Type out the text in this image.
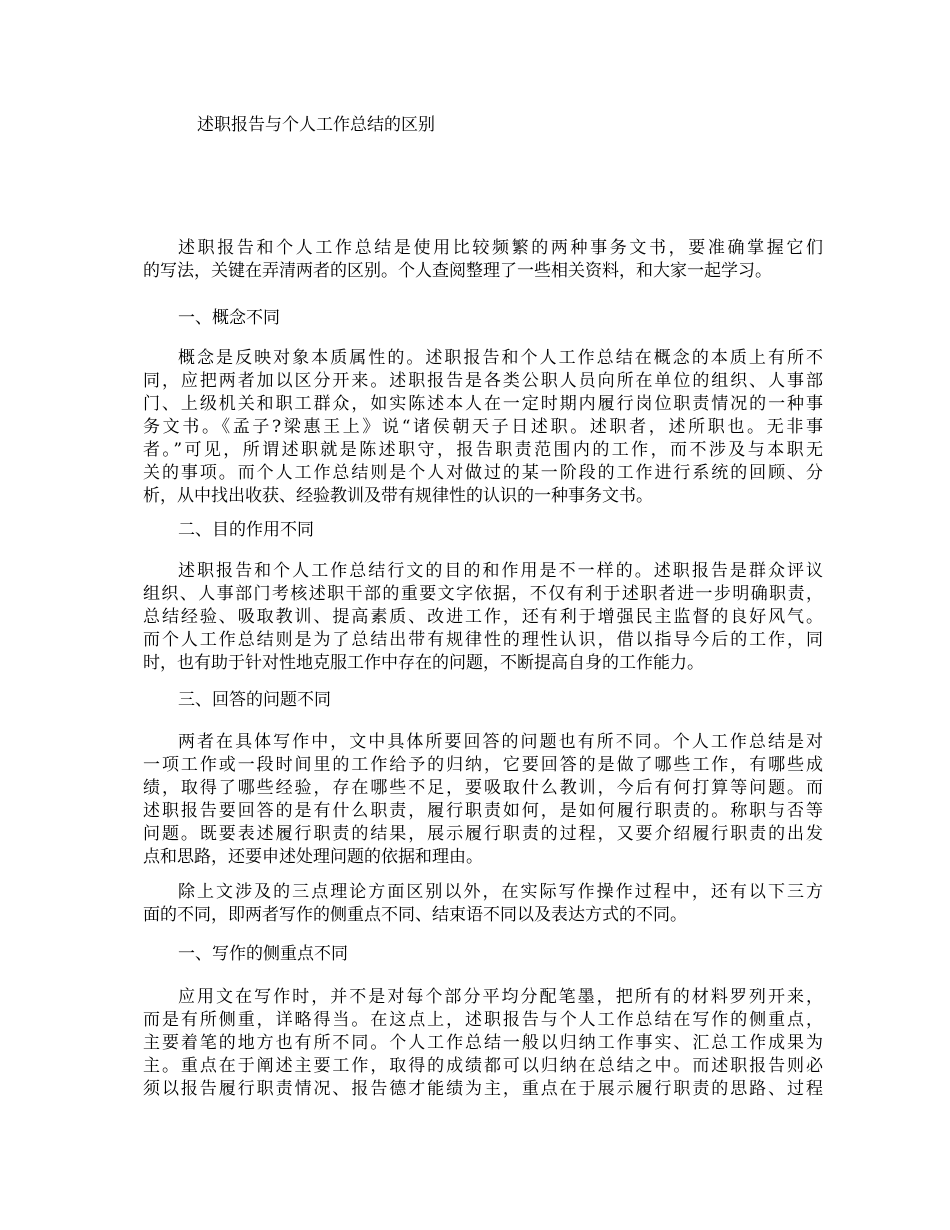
述职报告与个人工作总结的区别
述职报告和个人工作总结是使用比较频繁的两种事务文书，要准确掌握它们
的写法，关键在弄清两者的区别。个人查阅整理了一些相关资料，和大家一起学习。
一、概念不同
概念是反映对象本质属性的。述职报告和个人工作总结在概念的本质上有所不
同，应把两者加以区分开来。述职报告是各类公职人员向所在单位的组织、人事部
门、上级机关和职工群众，如实陈述本人在一定时期内履行岗位职责情况的一种事
务文书。《孟子?梁惠王上》说“诸侯朝天子日述职。述职者，述所职也。无非事
者。”可见，所谓述职就是陈述职守，报告职责范围内的工作，而不涉及与本职无
关的事项。而个人工作总结则是个人对做过的某一阶段的工作进行系统的回顾、分
析，从中找出收获、经验教训及带有规律性的认识的一种事务文书。
二、目的作用不同
述职报告和个人工作总结行文的目的和作用是不一样的。述职报告是群众评议
组织、人事部门考核述职干部的重要文字依据，不仅有利于述职者进一步明确职责，
总结经验、吸取教训、提高素质、改进工作，还有利于增强民主监督的良好风气。
而个人工作总结则是为了总结出带有规律性的理性认识，借以指导今后的工作，同
时，也有助于针对性地克服工作中存在的问题，不断提高自身的工作能力。
三、回答的问题不同
两者在具体写作中，文中具体所要回答的问题也有所不同。个人工作总结是对
一项工作或一段时间里的工作给予的归纳，它要回答的是做了哪些工作，有哪些成
绩，取得了哪些经验，存在哪些不足，要吸取什么教训，今后有何打算等问题。而
述职报告要回答的是有什么职责，履行职责如何，是如何履行职责的。称职与否等
问题。既要表述履行职责的结果，展示履行职责的过程，又要介绍履行职责的出发
点和思路，还要申述处理问题的依据和理由。
除上文涉及的三点理论方面区别以外，在实际写作操作过程中，还有以下三方
面的不同，即两者写作的侧重点不同、结束语不同以及表达方式的不同。
一、写作的侧重点不同
应用文在写作时，并不是对每个部分平均分配笔墨，把所有的材料罗列开来，
而是有所侧重，详略得当。在这点上，述职报告与个人工作总结在写作的侧重点，
主要着笔的地方也有所不同。个人工作总结一般以归纳工作事实、汇总工作成果为
主。重点在于阐述主要工作，取得的成绩都可以归纳在总结之中。而述职报告则必
须以报告履行职责情况、报告德才能绩为主，重点在于展示履行职责的思路、过程
